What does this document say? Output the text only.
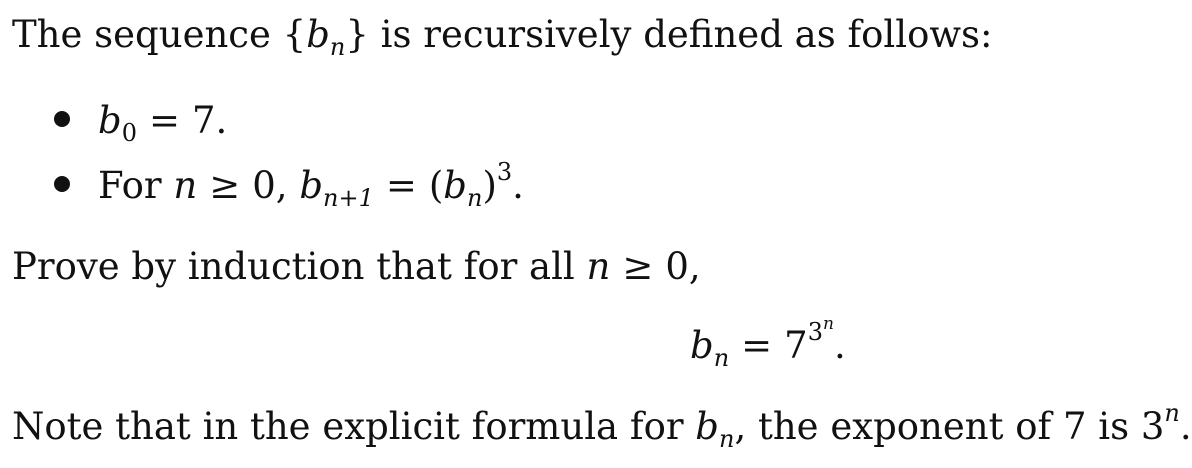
The sequence $\{b_n\}$ is recursively defined as follows:
$b_0 = 7$.
For n ≥ 0, $b_{n+1} = (b_n)^3$.
Prove by induction that for all n ≥ 0,
$b_n = 7^{3^n}$.
Note that in the explicit formula for $b_n$, the exponent of 7 is 3$^n$.
